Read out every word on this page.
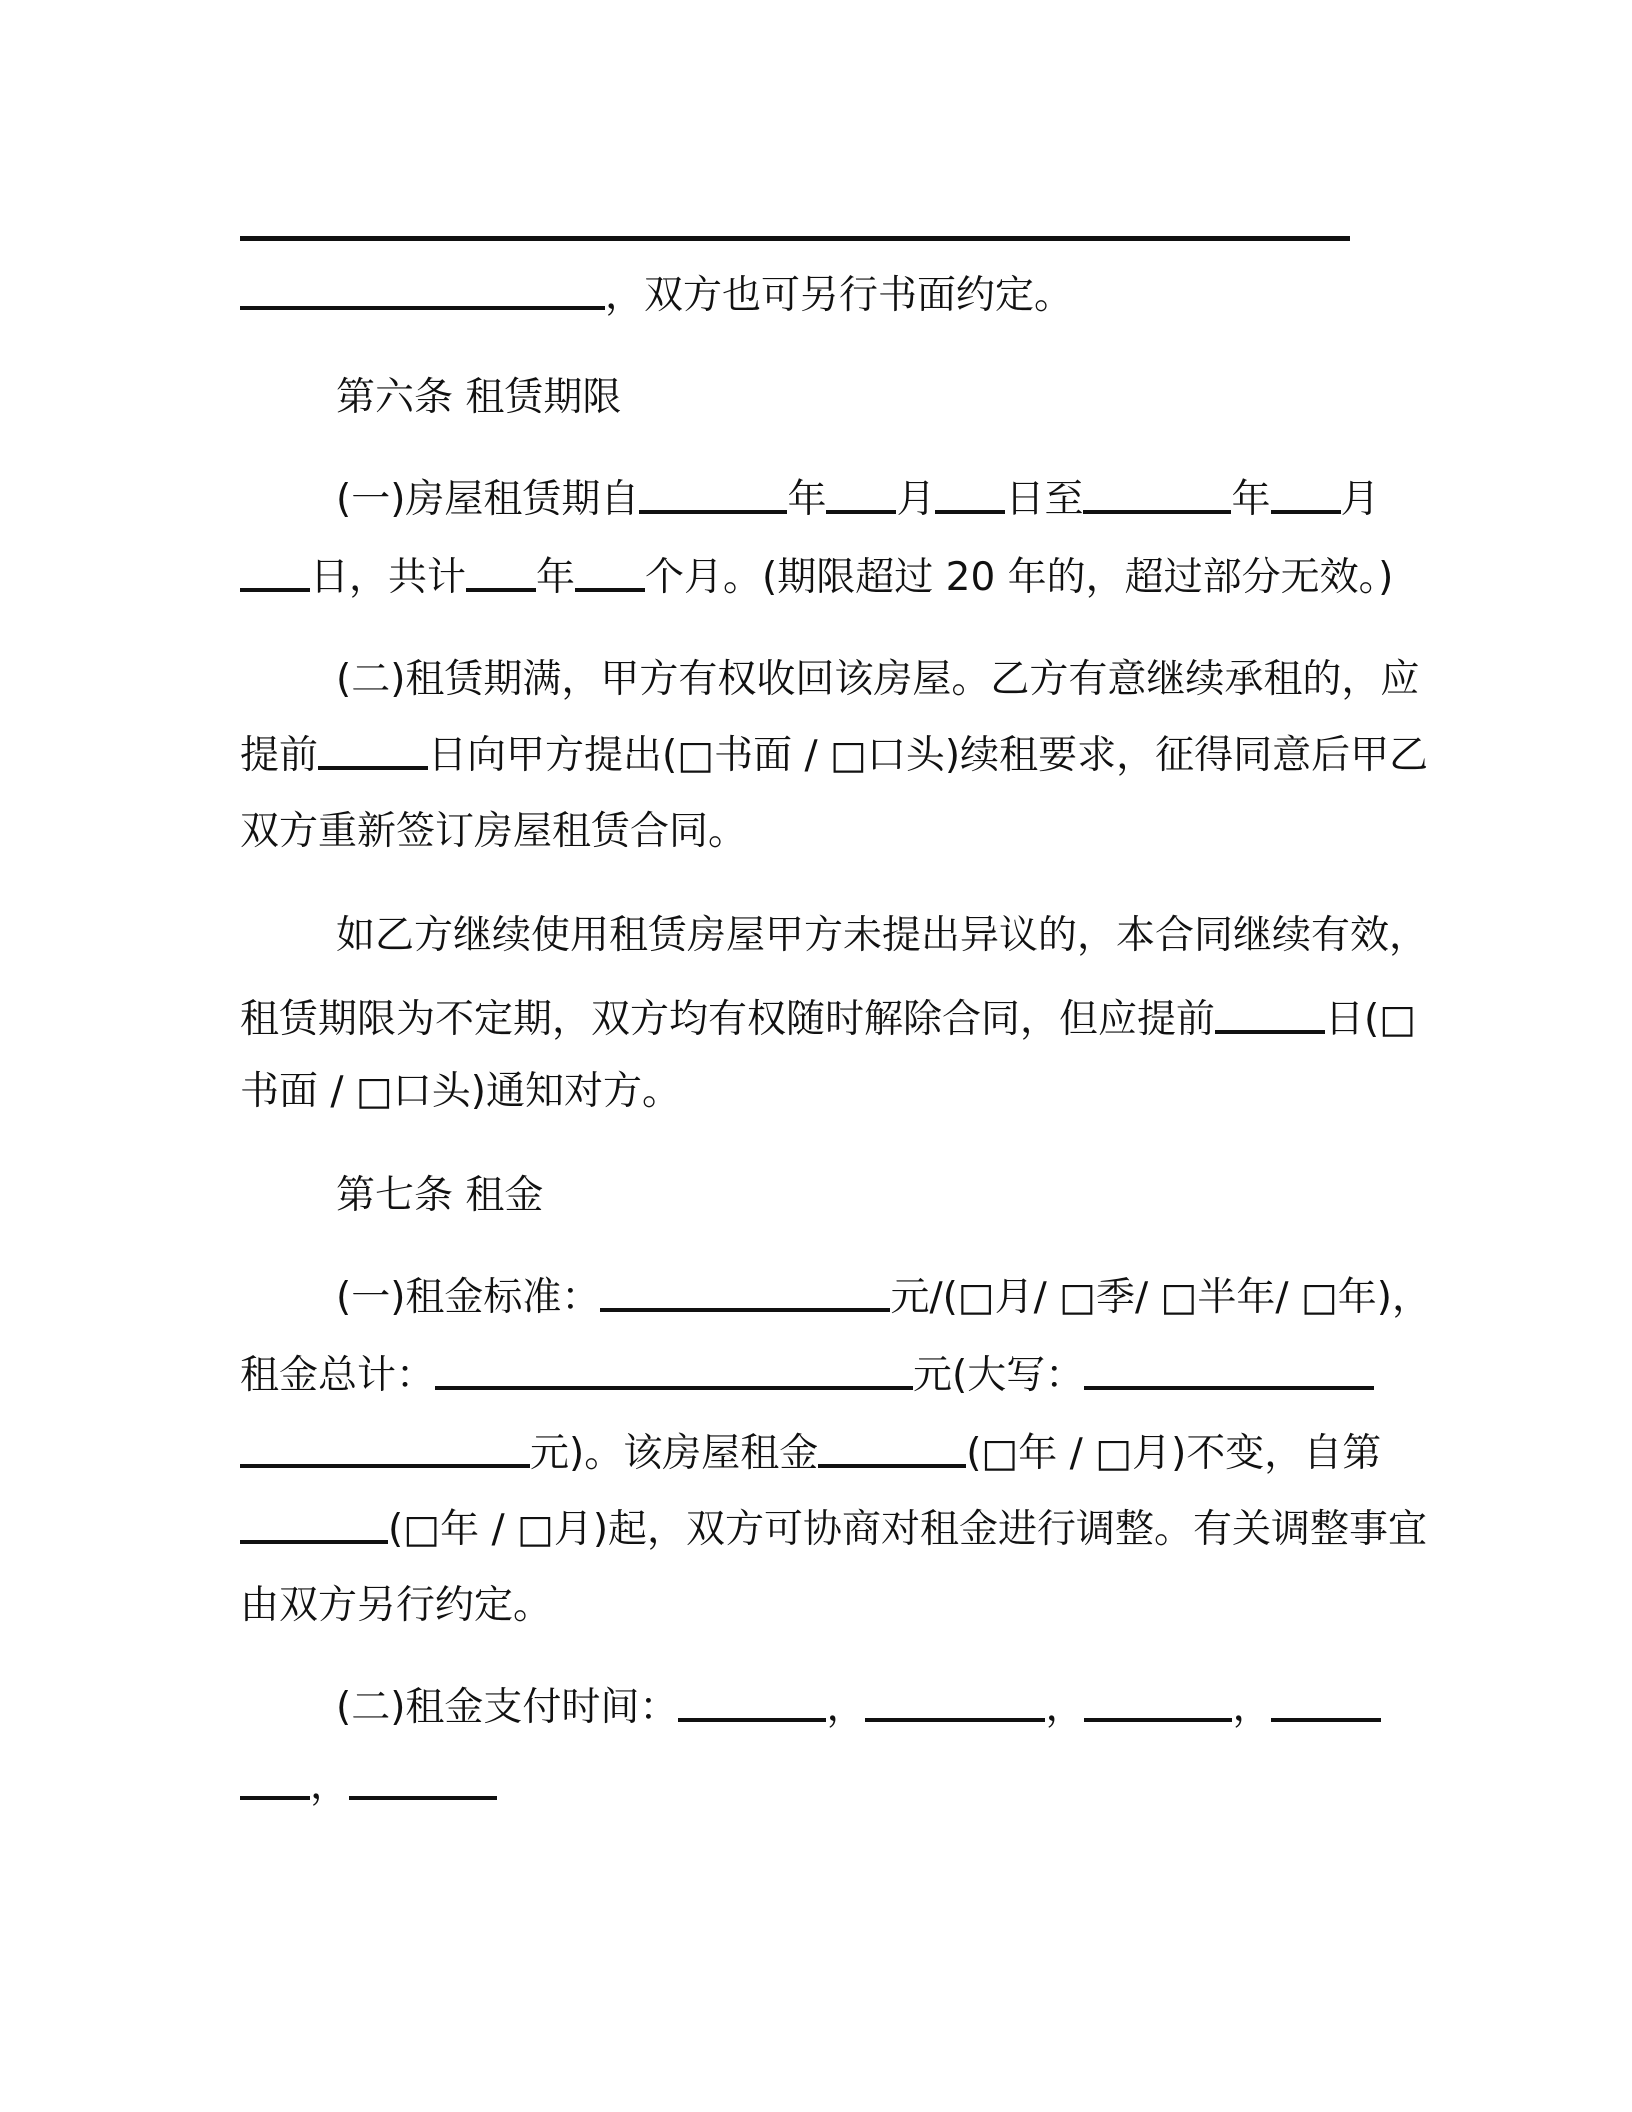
，双方也可另行书面约定。
第六条 租赁期限
(一)房屋租赁期自	年 月 日至	年 月
日，共计 年 个月。(期限超过 20 年的，超过部分无效。)
(二)租赁期满，甲方有权收回该房屋。乙方有意继续承租的，应
提前	日向甲方提出(□书面 / □口头)续租要求，征得同意后甲乙
双方重新签订房屋租赁合同。
如乙方继续使用租赁房屋甲方未提出异议的，本合同继续有效，
租赁期限为不定期，双方均有权随时解除合同，但应提前	日(□
书面 / □口头)通知对方。
第七条 租金
(一)租金标准：	元/(□月/ □季/ □半年/ □年)，
租金总计：	元(大写：
元)。该房屋租金	(□年 / □月)不变，自第
(□年 / □月)起，双方可协商对租金进行调整。有关调整事宜
由双方另行约定。
(二)租金支付时间：	，	，	，
，
